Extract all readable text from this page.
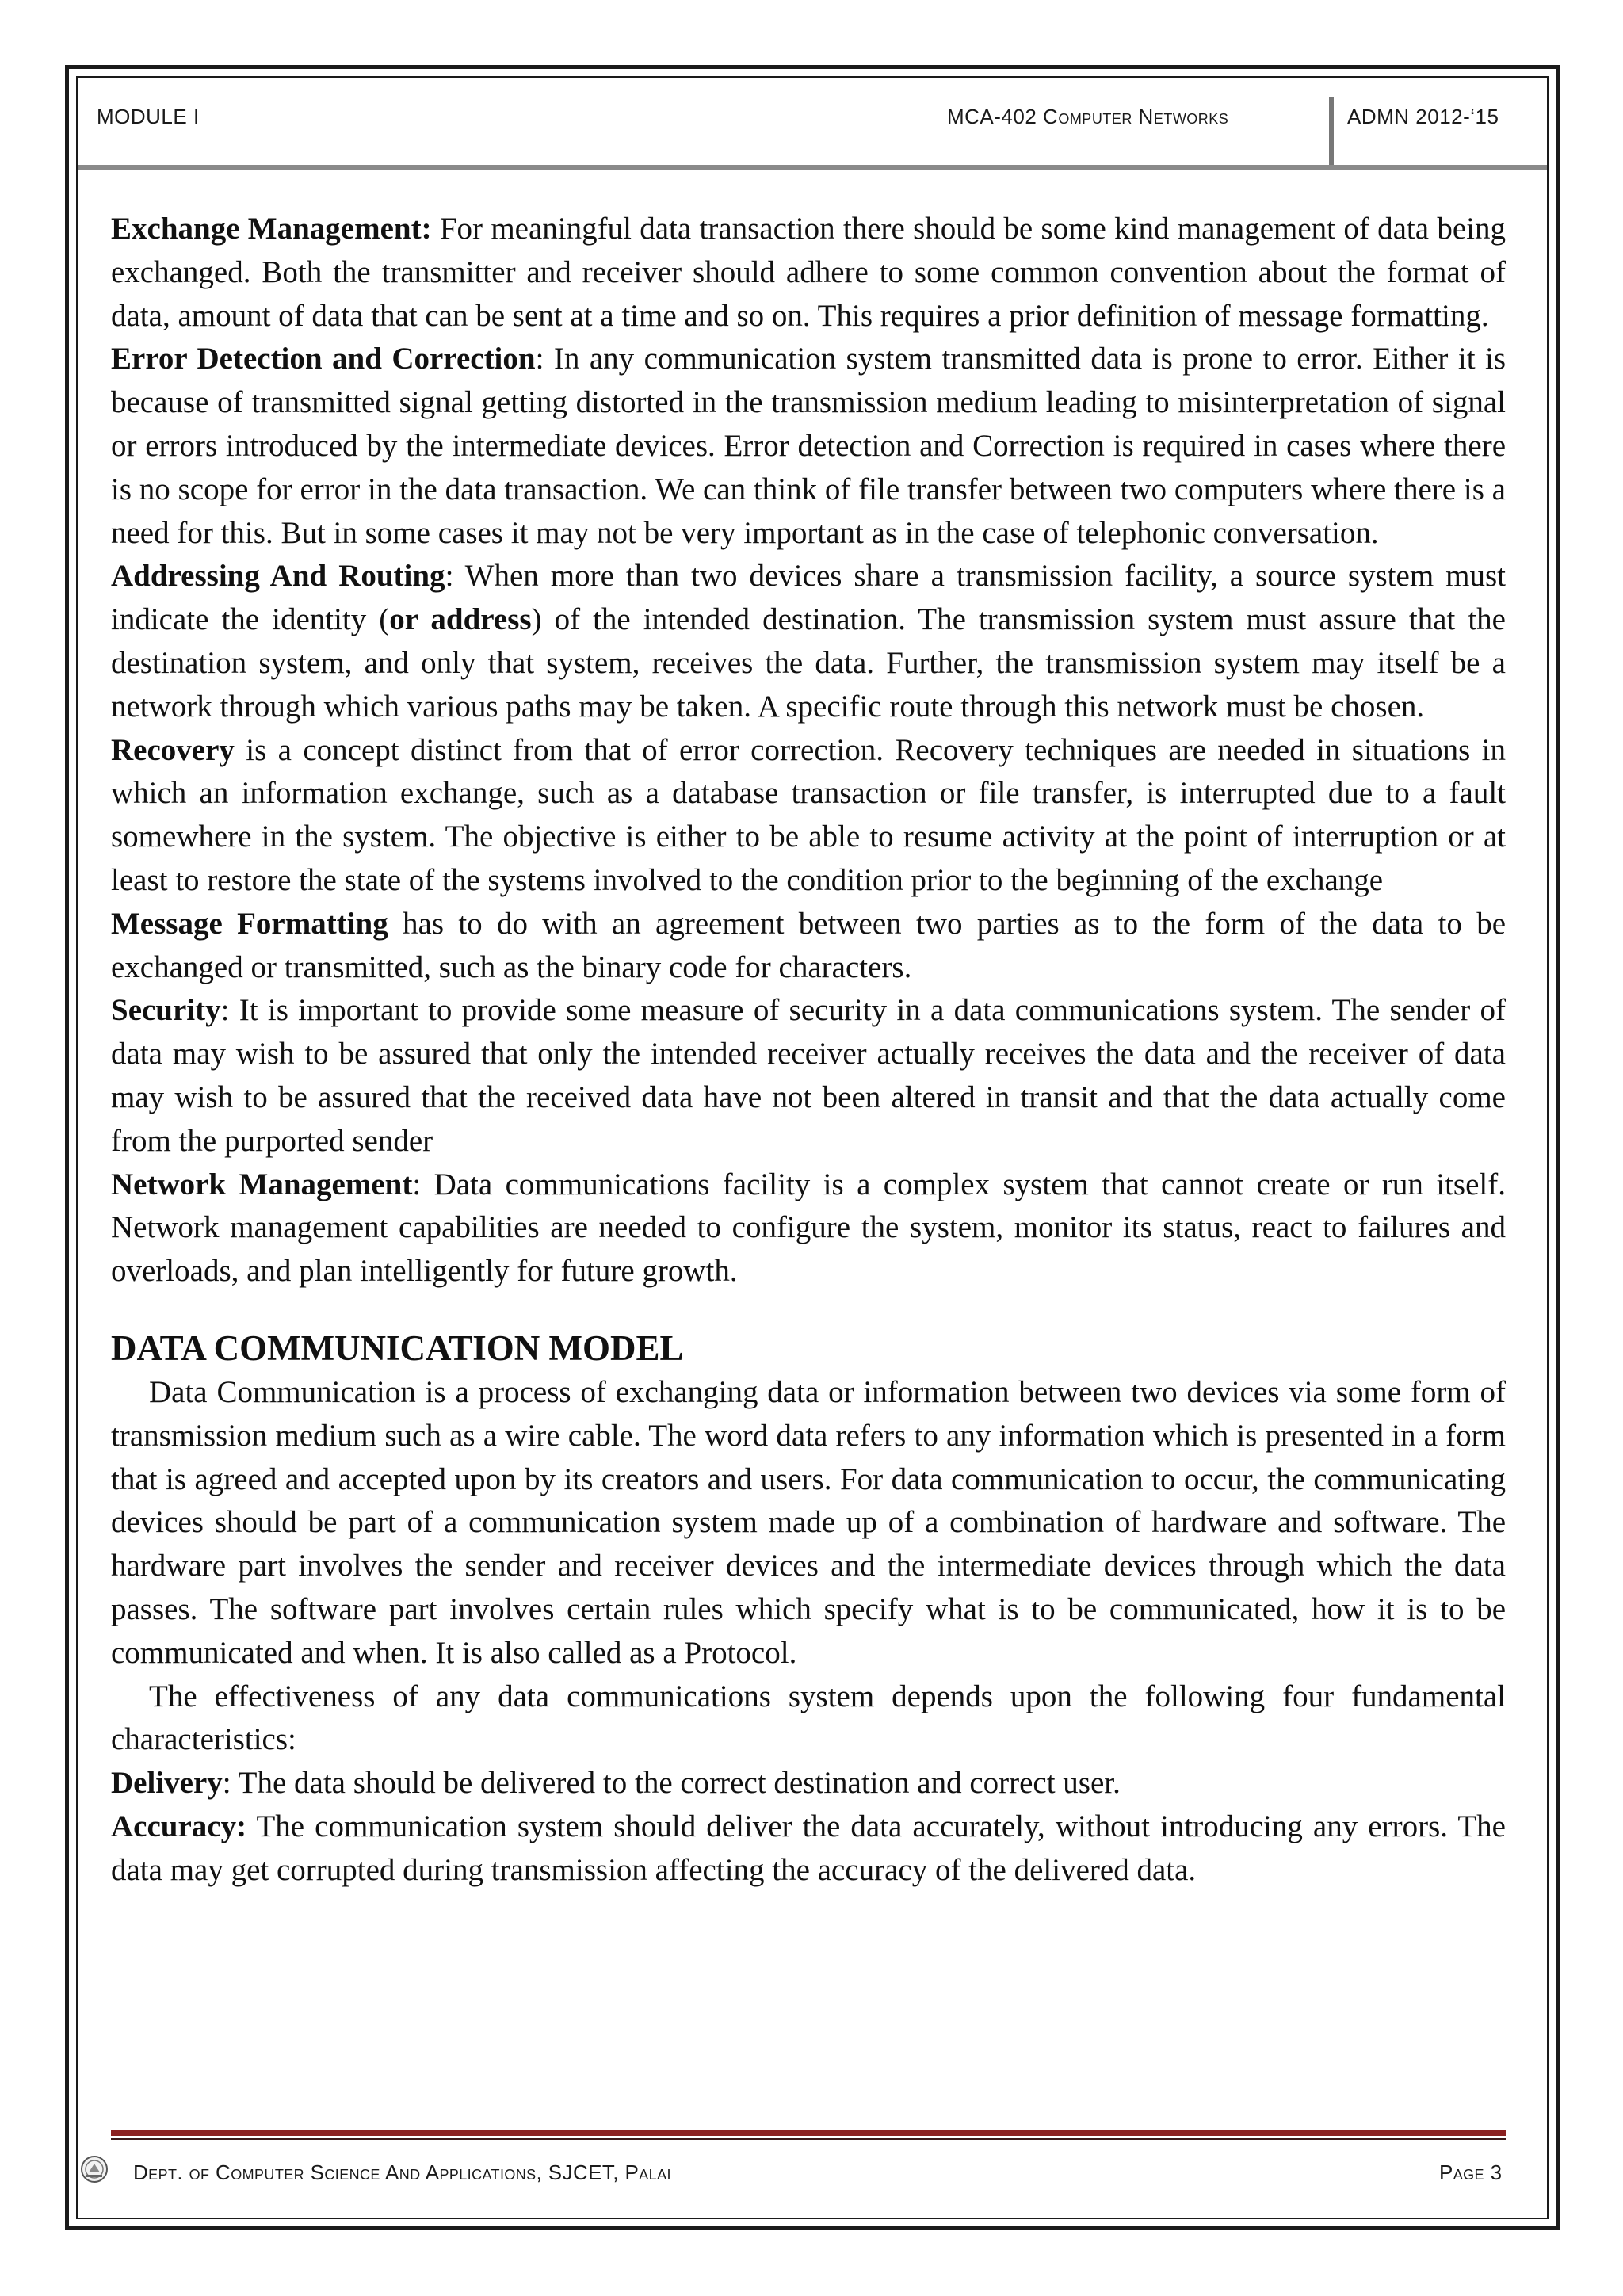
MODULE I	MCA-402 Computer Networks	ADMN 2012-‘15

Exchange Management: For meaningful data transaction there should be some kind management of data being exchanged. Both the transmitter and receiver should adhere to some common convention about the format of data, amount of data that can be sent at a time and so on. This requires a prior definition of message formatting.

Error Detection and Correction: In any communication system transmitted data is prone to error. Either it is because of transmitted signal getting distorted in the transmission medium leading to misinterpretation of signal or errors introduced by the intermediate devices. Error detection and Correction is required in cases where there is no scope for error in the data transaction. We can think of file transfer between two computers where there is a need for this. But in some cases it may not be very important as in the case of telephonic conversation.

Addressing And Routing: When more than two devices share a transmission facility, a source system must indicate the identity (or address) of the intended destination. The transmission system must assure that the destination system, and only that system, receives the data. Further, the transmission system may itself be a network through which various paths may be taken. A specific route through this network must be chosen.

Recovery is a concept distinct from that of error correction. Recovery techniques are needed in situations in which an information exchange, such as a database transaction or file transfer, is interrupted due to a fault somewhere in the system. The objective is either to be able to resume activity at the point of interruption or at least to restore the state of the systems involved to the condition prior to the beginning of the exchange

Message Formatting has to do with an agreement between two parties as to the form of the data to be exchanged or transmitted, such as the binary code for characters.

Security: It is important to provide some measure of security in a data communications system. The sender of data may wish to be assured that only the intended receiver actually receives the data and the receiver of data may wish to be assured that the received data have not been altered in transit and that the data actually come from the purported sender

Network Management: Data communications facility is a complex system that cannot create or run itself. Network management capabilities are needed to configure the system, monitor its status, react to failures and overloads, and plan intelligently for future growth.

DATA COMMUNICATION MODEL

Data Communication is a process of exchanging data or information between two devices via some form of transmission medium such as a wire cable. The word data refers to any information which is presented in a form that is agreed and accepted upon by its creators and users. For data communication to occur, the communicating devices should be part of a communication system made up of a combination of hardware and software. The hardware part involves the sender and receiver devices and the intermediate devices through which the data passes. The software part involves certain rules which specify what is to be communicated, how it is to be communicated and when. It is also called as a Protocol.

The effectiveness of any data communications system depends upon the following four fundamental characteristics:

Delivery: The data should be delivered to the correct destination and correct user.

Accuracy: The communication system should deliver the data accurately, without introducing any errors. The data may get corrupted during transmission affecting the accuracy of the delivered data.

Dept. of Computer Science And Applications, SJCET, Palai	Page 3
